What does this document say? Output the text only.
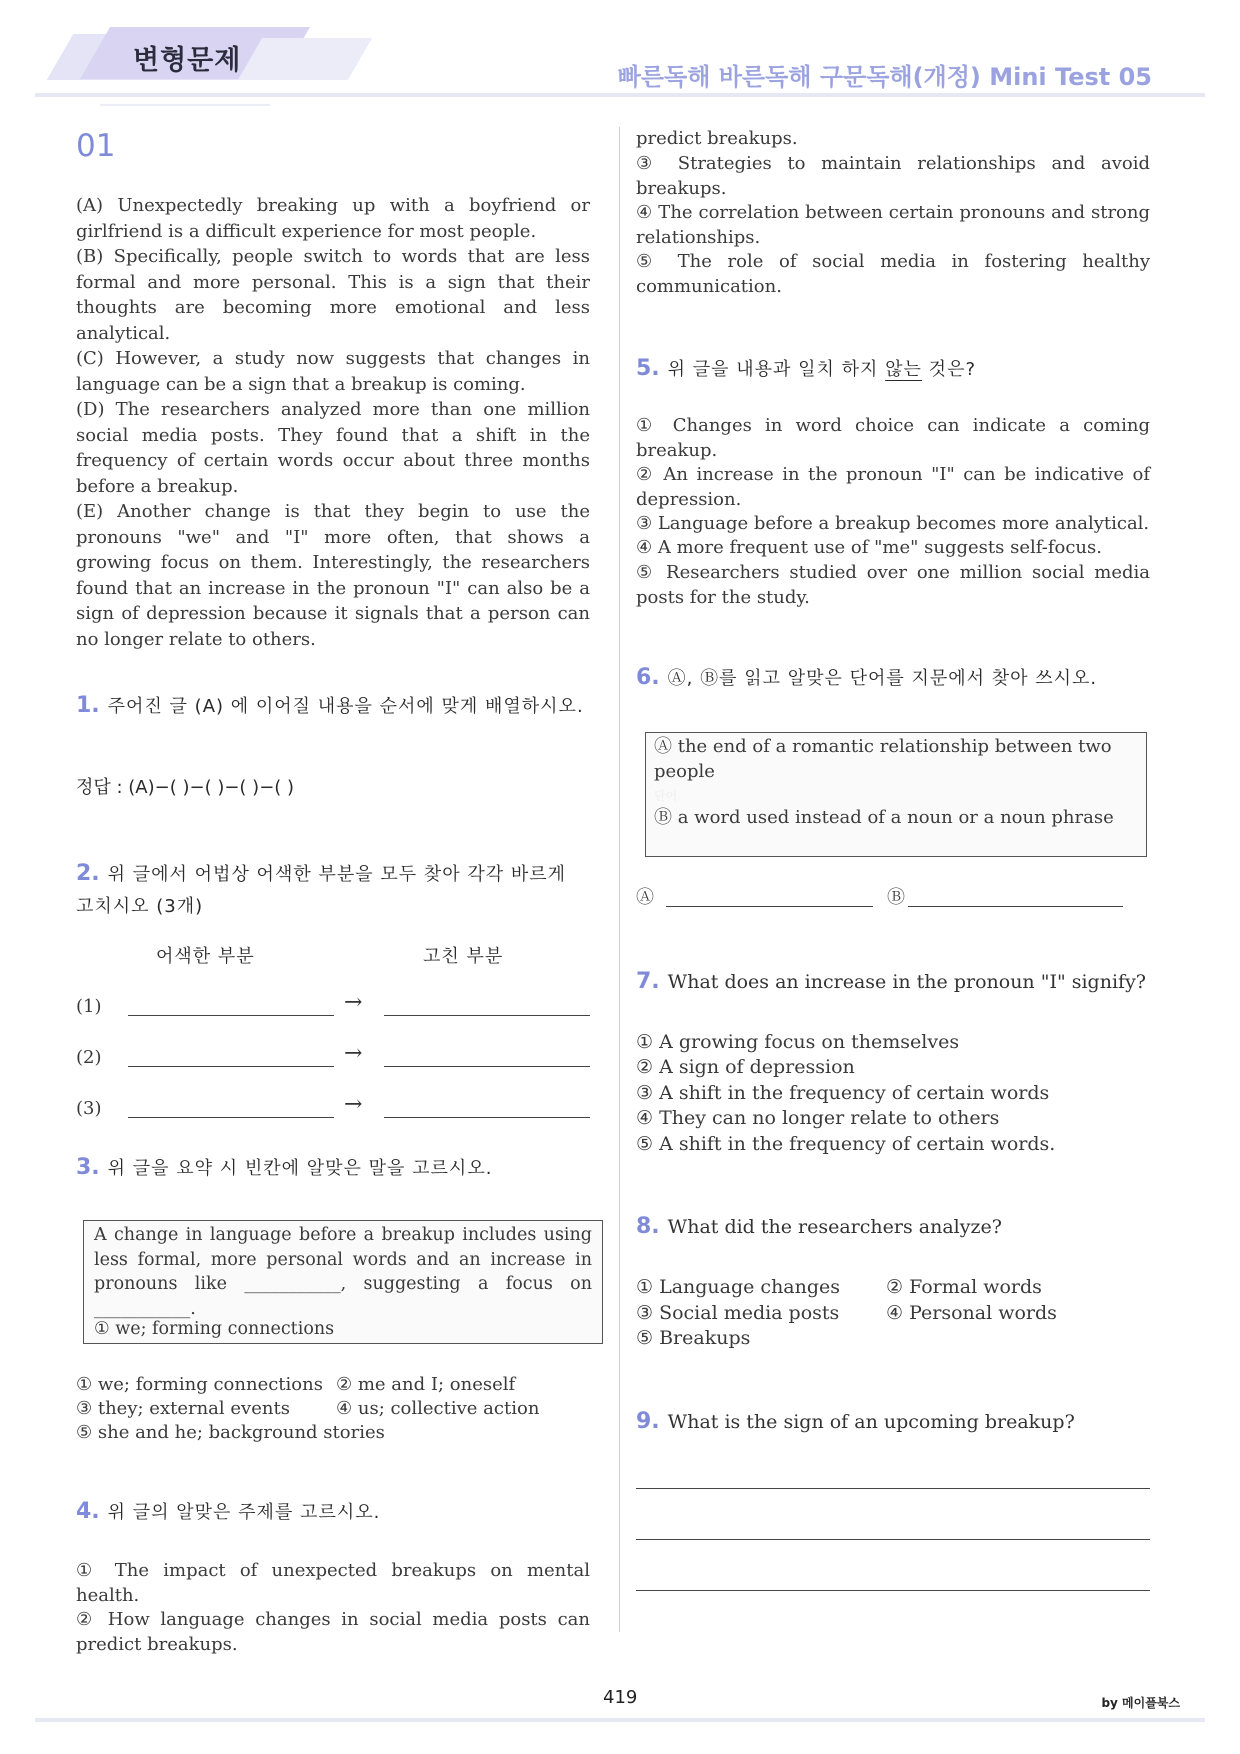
변형문제
빠른독해 바른독해 구문독해(개정) Mini Test 05
01
(A) Unexpectedly breaking up with a boyfriend or girlfriend is a difficult experience for most people.
(B) Specifically, people switch to words that are less formal and more personal. This is a sign that their thoughts are becoming more emotional and less analytical.
(C) However, a study now suggests that changes in language can be a sign that a breakup is coming.
(D) The researchers analyzed more than one million social media posts. They found that a shift in the frequency of certain words occur about three months before a breakup.
(E) Another change is that they begin to use the pronouns "we" and "I" more often, that shows a growing focus on them. Interestingly, the researchers found that an increase in the pronoun "I" can also be a sign of depression because it signals that a person can no longer relate to others.
1. 주어진 글 (A) 에 이어질 내용을 순서에 맞게 배열하시오.
정답 : (A)−( )−( )−( )−( )
2. 위 글에서 어법상 어색한 부분을 모두 찾아 각각 바르게 고치시오 (3개)
어색한 부분	고친 부분
(1)	→
(2)	→
(3)	→
3. 위 글을 요약 시 빈칸에 알맞은 말을 고르시오.
A change in language before a breakup includes using less formal, more personal words and an increase in pronouns like ___________, suggesting a focus on ___________.
① we; forming connections
① we; forming connections ② me and I; oneself
③ they; external events	④ us; collective action
⑤ she and he; background stories
4. 위 글의 알맞은 주제를 고르시오.
① The impact of unexpected breakups on mental health.
② How language changes in social media posts can predict breakups.
predict breakups.
③ Strategies to maintain relationships and avoid breakups.
④ The correlation between certain pronouns and strong relationships.
⑤ The role of social media in fostering healthy communication.
5. 위 글을 내용과 일치 하지 않는 것은?
① Changes in word choice can indicate a coming breakup.
② An increase in the pronoun "I" can be indicative of depression.
③ Language before a breakup becomes more analytical.
④ A more frequent use of "me" suggests self-focus.
⑤ Researchers studied over one million social media posts for the study.
6. Ⓐ, Ⓑ를 읽고 알맞은 단어를 지문에서 찾아 쓰시오.
Ⓐ the end of a romantic relationship between two people
단어
Ⓑ a word used instead of a noun or a noun phrase
Ⓐ	Ⓑ
7. What does an increase in the pronoun "I" signify?
① A growing focus on themselves
② A sign of depression
③ A shift in the frequency of certain words
④ They can no longer relate to others
⑤ A shift in the frequency of certain words.
8. What did the researchers analyze?
① Language changes ② Formal words
③ Social media posts ④ Personal words
⑤ Breakups
9. What is the sign of an upcoming breakup?
419	by 메이플북스
